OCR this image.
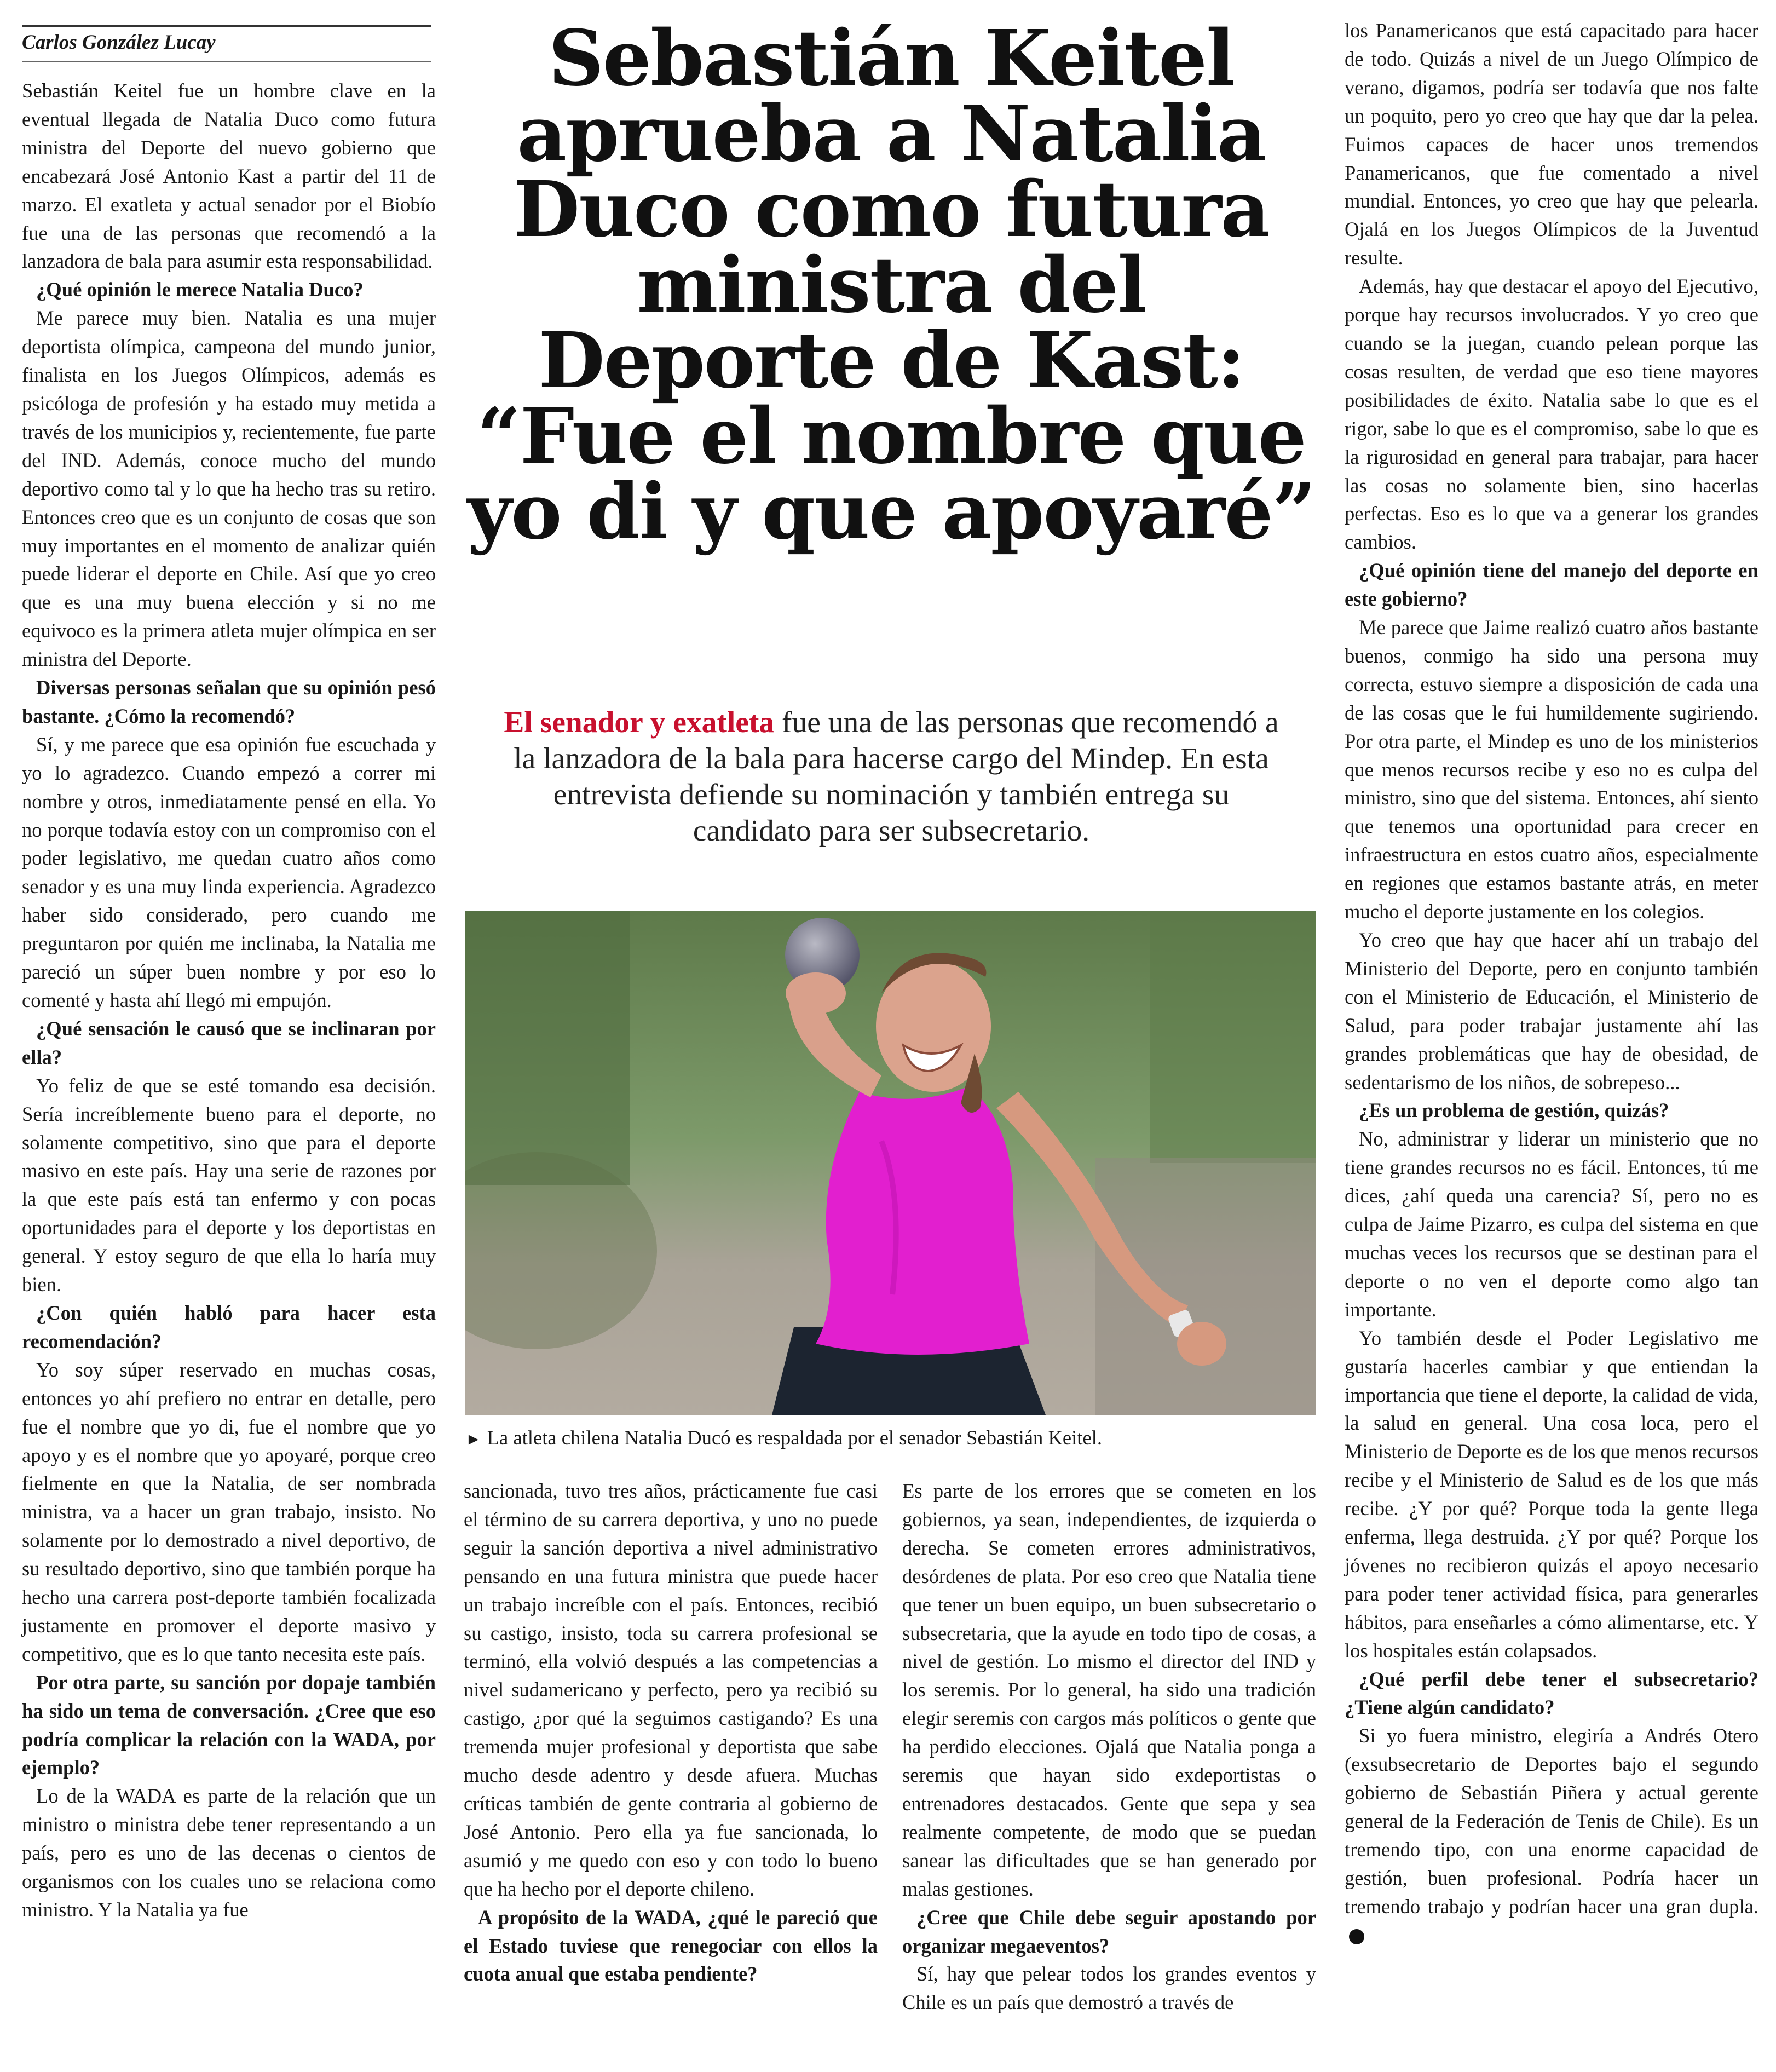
Carlos González Lucay

Sebastián Keitel fue un hombre clave en la eventual llegada de Natalia Duco como futura ministra del Deporte del nuevo gobierno que encabezará José Antonio Kast a partir del 11 de marzo. El exatleta y actual senador por el Biobío fue una de las personas que recomendó a la lanzadora de bala para asumir esta responsabilidad.

¿Qué opinión le merece Natalia Duco?

Me parece muy bien. Natalia es una mujer deportista olímpica, campeona del mundo junior, finalista en los Juegos Olímpicos, además es psicóloga de profesión y ha estado muy metida a través de los municipios y, recientemente, fue parte del IND. Además, conoce mucho del mundo deportivo como tal y lo que ha hecho tras su retiro. Entonces creo que es un conjunto de cosas que son muy importantes en el momento de analizar quién puede liderar el deporte en Chile. Así que yo creo que es una muy buena elección y si no me equivoco es la primera atleta mujer olímpica en ser ministra del Deporte.

Diversas personas señalan que su opinión pesó bastante. ¿Cómo la recomendó?

Sí, y me parece que esa opinión fue escuchada y yo lo agradezco. Cuando empezó a correr mi nombre y otros, inmediatamente pensé en ella. Yo no porque todavía estoy con un compromiso con el poder legislativo, me quedan cuatro años como senador y es una muy linda experiencia. Agradezco haber sido considerado, pero cuando me preguntaron por quién me inclinaba, la Natalia me pareció un súper buen nombre y por eso lo comenté y hasta ahí llegó mi empujón.

¿Qué sensación le causó que se inclinaran por ella?

Yo feliz de que se esté tomando esa decisión. Sería increíblemente bueno para el deporte, no solamente competitivo, sino que para el deporte masivo en este país. Hay una serie de razones por la que este país está tan enfermo y con pocas oportunidades para el deporte y los deportistas en general. Y estoy seguro de que ella lo haría muy bien.

¿Con quién habló para hacer esta recomendación?

Yo soy súper reservado en muchas cosas, entonces yo ahí prefiero no entrar en detalle, pero fue el nombre que yo di, fue el nombre que yo apoyo y es el nombre que yo apoyaré, porque creo fielmente en que la Natalia, de ser nombrada ministra, va a hacer un gran trabajo, insisto. No solamente por lo demostrado a nivel deportivo, de su resultado deportivo, sino que también porque ha hecho una carrera post-deporte también focalizada justamente en promover el deporte masivo y competitivo, que es lo que tanto necesita este país.

Por otra parte, su sanción por dopaje también ha sido un tema de conversación. ¿Cree que eso podría complicar la relación con la WADA, por ejemplo?

Lo de la WADA es parte de la relación que un ministro o ministra debe tener representando a un país, pero es uno de las decenas o cientos de organismos con los cuales uno se relaciona como ministro. Y la Natalia ya fue

Sebastián Keitel
aprueba a Natalia
Duco como futura
ministra del
Deporte de Kast:
“Fue el nombre que
yo di y que apoyaré”

El senador y exatleta fue una de las personas que recomendó a la lanzadora de la bala para hacerse cargo del Mindep. En esta entrevista defiende su nominación y también entrega su candidato para ser subsecretario.

► La atleta chilena Natalia Ducó es respaldada por el senador Sebastián Keitel.

sancionada, tuvo tres años, prácticamente fue casi el término de su carrera deportiva, y uno no puede seguir la sanción deportiva a nivel administrativo pensando en una futura ministra que puede hacer un trabajo increíble con el país. Entonces, recibió su castigo, insisto, toda su carrera profesional se terminó, ella volvió después a las competencias a nivel sudamericano y perfecto, pero ya recibió su castigo, ¿por qué la seguimos castigando? Es una tremenda mujer profesional y deportista que sabe mucho desde adentro y desde afuera. Muchas críticas también de gente contraria al gobierno de José Antonio. Pero ella ya fue sancionada, lo asumió y me quedo con eso y con todo lo bueno que ha hecho por el deporte chileno.

A propósito de la WADA, ¿qué le pareció que el Estado tuviese que renegociar con ellos la cuota anual que estaba pendiente?

Es parte de los errores que se cometen en los gobiernos, ya sean, independientes, de izquierda o derecha. Se cometen errores administrativos, desórdenes de plata. Por eso creo que Natalia tiene que tener un buen equipo, un buen subsecretario o subsecretaria, que la ayude en todo tipo de cosas, a nivel de gestión. Lo mismo el director del IND y los seremis. Por lo general, ha sido una tradición elegir seremis con cargos más políticos o gente que ha perdido elecciones. Ojalá que Natalia ponga a seremis que hayan sido exdeportistas o entrenadores destacados. Gente que sepa y sea realmente competente, de modo que se puedan sanear las dificultades que se han generado por malas gestiones.

¿Cree que Chile debe seguir apostando por organizar megaeventos?

Sí, hay que pelear todos los grandes eventos y Chile es un país que demostró a través de

los Panamericanos que está capacitado para hacer de todo. Quizás a nivel de un Juego Olímpico de verano, digamos, podría ser todavía que nos falte un poquito, pero yo creo que hay que dar la pelea. Fuimos capaces de hacer unos tremendos Panamericanos, que fue comentado a nivel mundial. Entonces, yo creo que hay que pelearla. Ojalá en los Juegos Olímpicos de la Juventud resulte.

Además, hay que destacar el apoyo del Ejecutivo, porque hay recursos involucrados. Y yo creo que cuando se la juegan, cuando pelean porque las cosas resulten, de verdad que eso tiene mayores posibilidades de éxito. Natalia sabe lo que es el rigor, sabe lo que es el compromiso, sabe lo que es la rigurosidad en general para trabajar, para hacer las cosas no solamente bien, sino hacerlas perfectas. Eso es lo que va a generar los grandes cambios.

¿Qué opinión tiene del manejo del deporte en este gobierno?

Me parece que Jaime realizó cuatro años bastante buenos, conmigo ha sido una persona muy correcta, estuvo siempre a disposición de cada una de las cosas que le fui humildemente sugiriendo. Por otra parte, el Mindep es uno de los ministerios que menos recursos recibe y eso no es culpa del ministro, sino que del sistema. Entonces, ahí siento que tenemos una oportunidad para crecer en infraestructura en estos cuatro años, especialmente en regiones que estamos bastante atrás, en meter mucho el deporte justamente en los colegios.

Yo creo que hay que hacer ahí un trabajo del Ministerio del Deporte, pero en conjunto también con el Ministerio de Educación, el Ministerio de Salud, para poder trabajar justamente ahí las grandes problemáticas que hay de obesidad, de sedentarismo de los niños, de sobrepeso...

¿Es un problema de gestión, quizás?

No, administrar y liderar un ministerio que no tiene grandes recursos no es fácil. Entonces, tú me dices, ¿ahí queda una carencia? Sí, pero no es culpa de Jaime Pizarro, es culpa del sistema en que muchas veces los recursos que se destinan para el deporte o no ven el deporte como algo tan importante.

Yo también desde el Poder Legislativo me gustaría hacerles cambiar y que entiendan la importancia que tiene el deporte, la calidad de vida, la salud en general. Una cosa loca, pero el Ministerio de Deporte es de los que menos recursos recibe y el Ministerio de Salud es de los que más recibe. ¿Y por qué? Porque toda la gente llega enferma, llega destruida. ¿Y por qué? Porque los jóvenes no recibieron quizás el apoyo necesario para poder tener actividad física, para generarles hábitos, para enseñarles a cómo alimentarse, etc. Y los hospitales están colapsados.

¿Qué perfil debe tener el subsecretario? ¿Tiene algún candidato?

Si yo fuera ministro, elegiría a Andrés Otero (exsubsecretario de Deportes bajo el segundo gobierno de Sebastián Piñera y actual gerente general de la Federación de Tenis de Chile). Es un tremendo tipo, con una enorme capacidad de gestión, buen profesional. Podría hacer un tremendo trabajo y podrían hacer una gran dupla.
